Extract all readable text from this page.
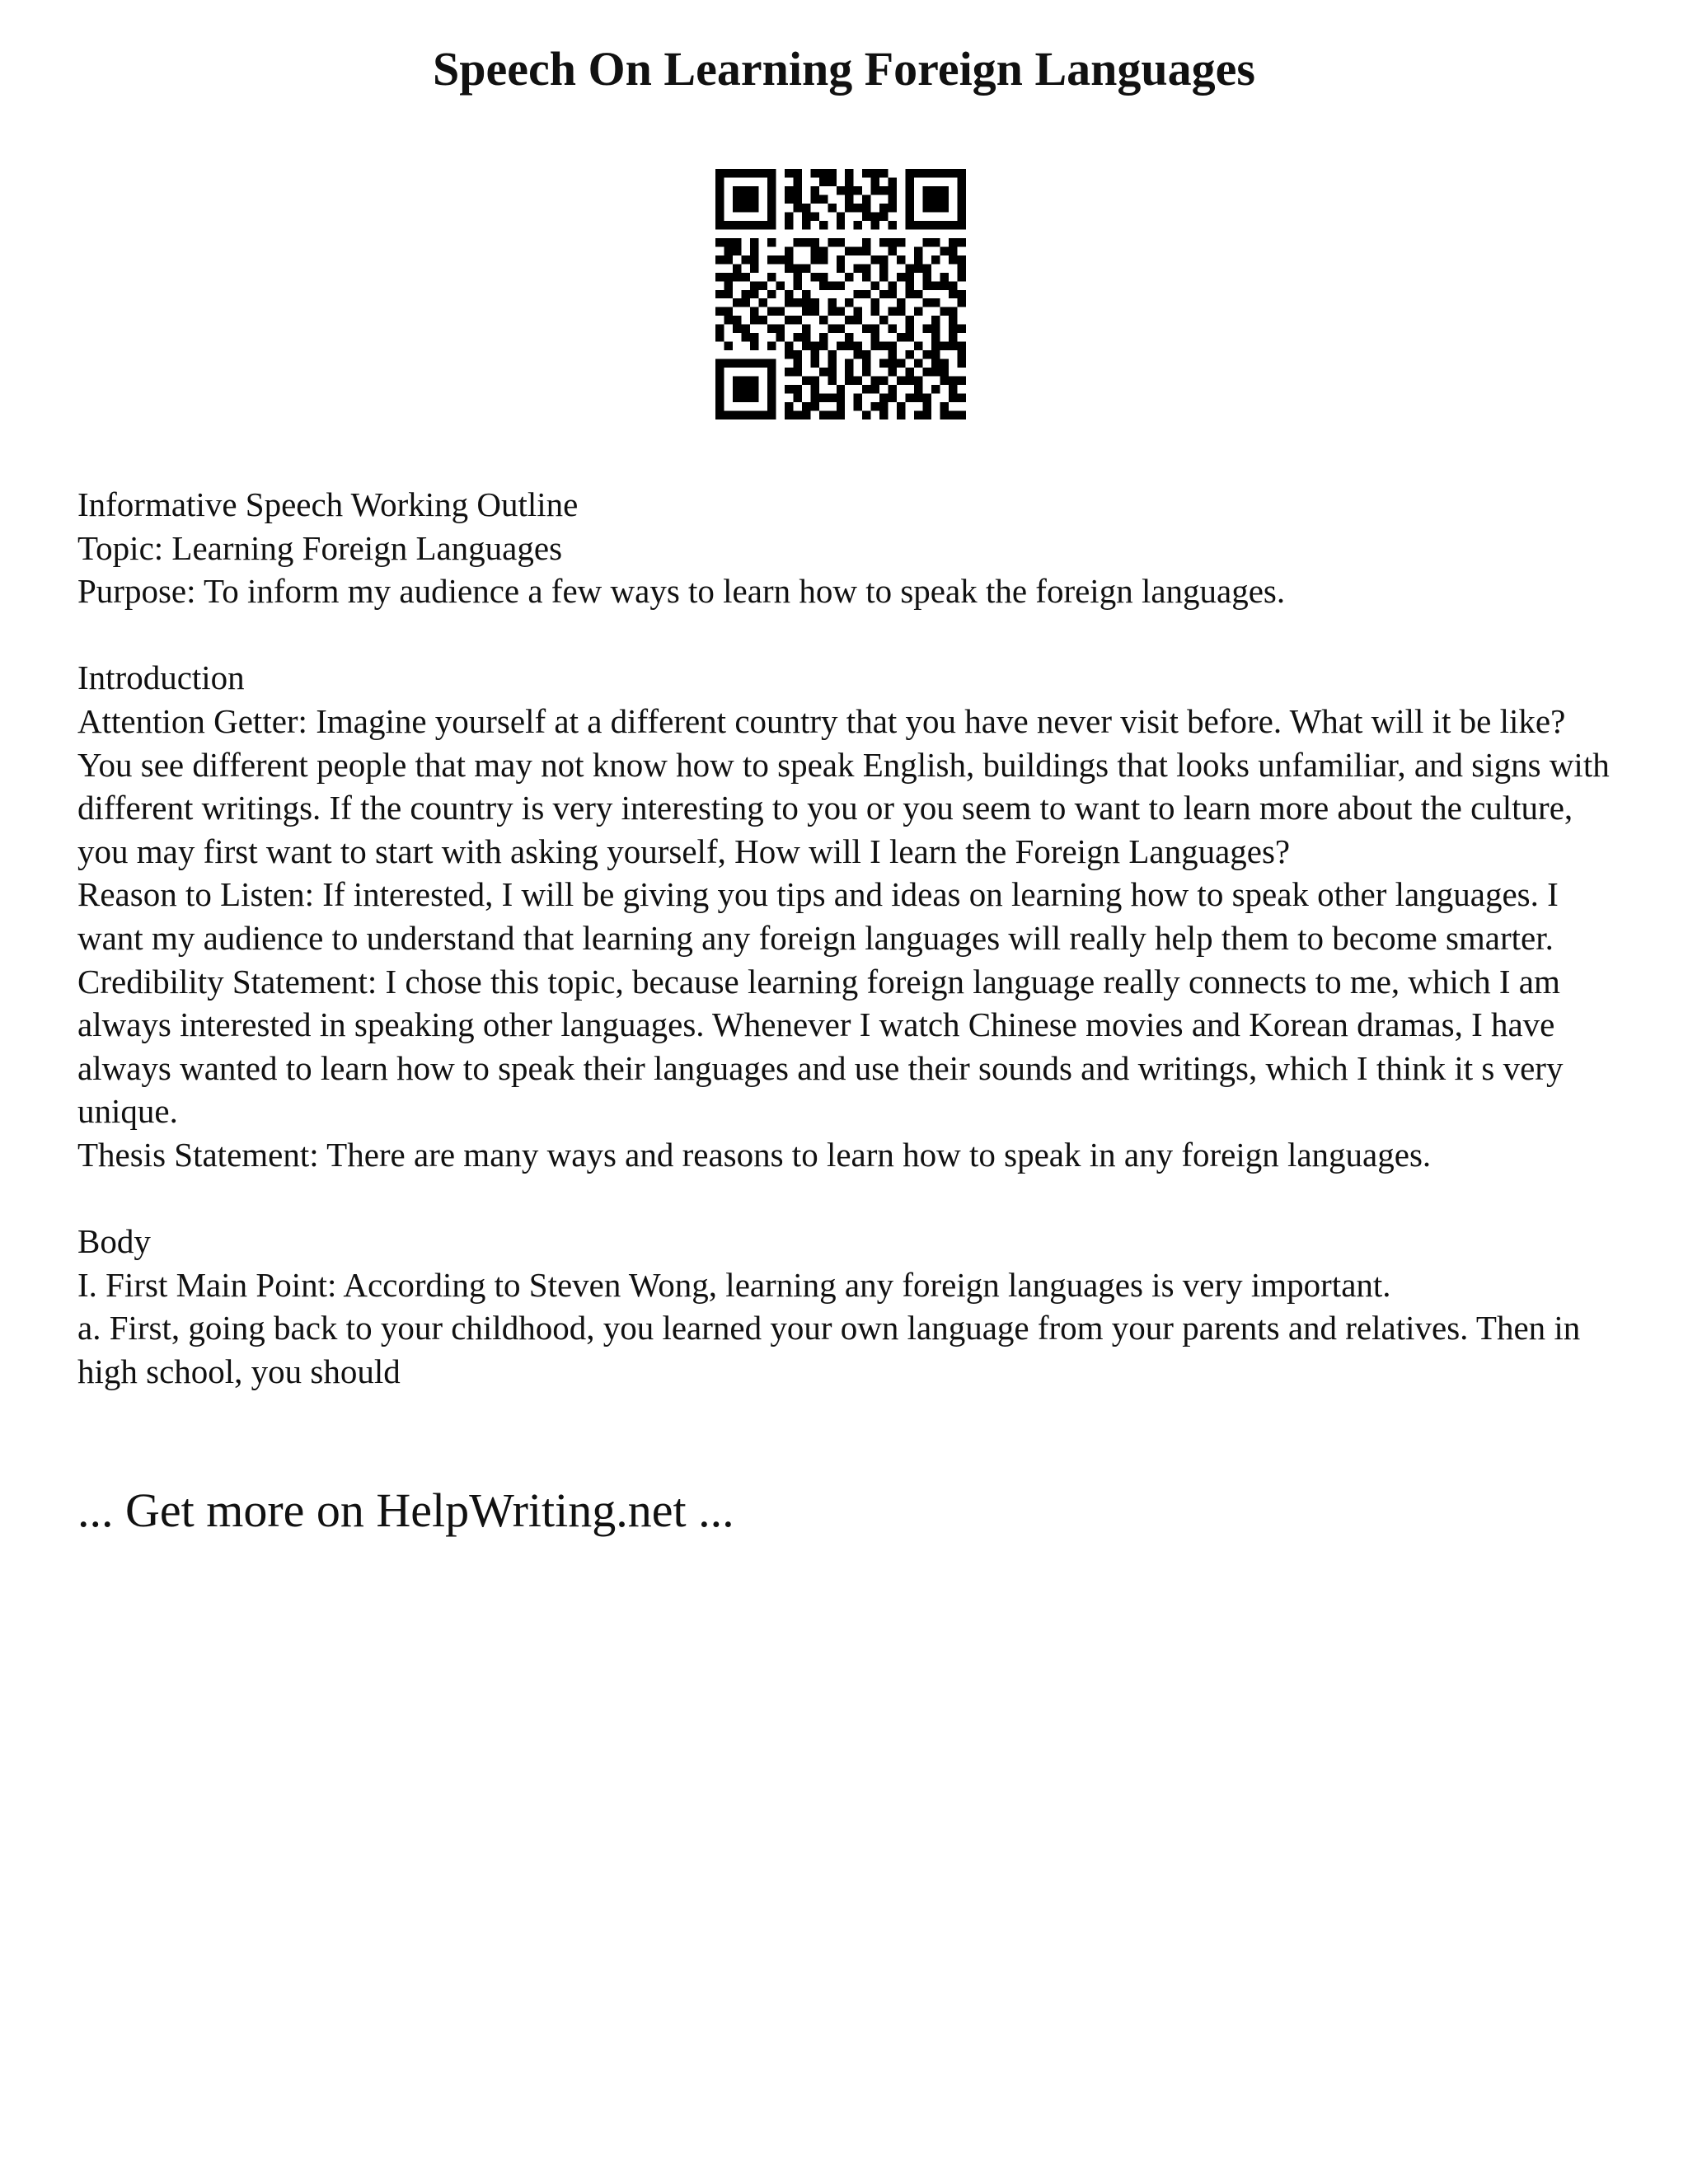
Speech On Learning Foreign Languages

Informative Speech Working Outline

Topic: Learning Foreign Languages

Purpose: To inform my audience a few ways to learn how to speak the foreign languages.

Introduction

Attention Getter: Imagine yourself at a different country that you have never visit before. What will it be like? You see different people that may not know how to speak English, buildings that looks unfamiliar, and signs with different writings. If the country is very interesting to you or you seem to want to learn more about the culture, you may first want to start with asking yourself, How will I learn the Foreign Languages?

Reason to Listen: If interested, I will be giving you tips and ideas on learning how to speak other languages. I want my audience to understand that learning any foreign languages will really help them to become smarter. Credibility Statement: I chose this topic, because learning foreign language really connects to me, which I am always interested in speaking other languages. Whenever I watch Chinese movies and Korean dramas, I have always wanted to learn how to speak their languages and use their sounds and writings, which I think it s very unique.

Thesis Statement: There are many ways and reasons to learn how to speak in any foreign languages.

Body

I. First Main Point: According to Steven Wong, learning any foreign languages is very important.

a. First, going back to your childhood, you learned your own language from your parents and relatives. Then in high school, you should

... Get more on HelpWriting.net ...
